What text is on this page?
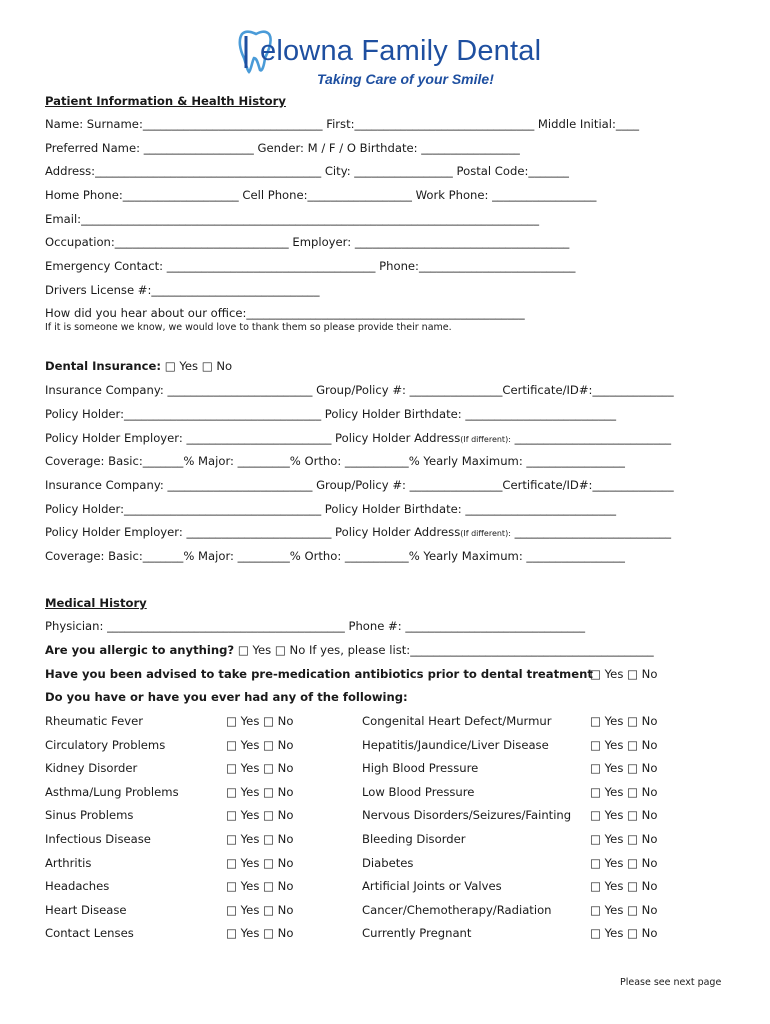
elowna Family Dental
Taking Care of your Smile!
Patient Information & Health History
Name: Surname:_______________________________ First:_______________________________ Middle Initial:____
Preferred Name: ___________________ Gender: M / F / O Birthdate: _________________
Address:_______________________________________ City: _________________ Postal Code:_______
Home Phone:____________________ Cell Phone:__________________ Work Phone: __________________
Email:_______________________________________________________________________________
Occupation:______________________________ Employer: _____________________________________
Emergency Contact: ____________________________________ Phone:___________________________
Drivers License #:_____________________________
How did you hear about our office:________________________________________________
If it is someone we know, we would love to thank them so please provide their name.
Dental Insurance: □ Yes □ No
Insurance Company: _________________________ Group/Policy #: ________________Certificate/ID#:______________
Policy Holder:__________________________________ Policy Holder Birthdate: __________________________
Policy Holder Employer: _________________________ Policy Holder Address(If different): ___________________________
Coverage: Basic:_______% Major: _________% Ortho: ___________% Yearly Maximum: _________________
Insurance Company: _________________________ Group/Policy #: ________________Certificate/ID#:______________
Policy Holder:__________________________________ Policy Holder Birthdate: __________________________
Policy Holder Employer: _________________________ Policy Holder Address(If different): ___________________________
Coverage: Basic:_______% Major: _________% Ortho: ___________% Yearly Maximum: _________________
Medical History
Physician: _________________________________________ Phone #: _______________________________
Are you allergic to anything? □ Yes □ No If yes, please list:__________________________________________
Have you been advised to take pre-medication antibiotics prior to dental treatment
□ Yes □ No
Do you have or have you ever had any of the following:
Rheumatic Fever	□ Yes □ No	Congenital Heart Defect/Murmur	□ Yes □ No
Circulatory Problems	□ Yes □ No	Hepatitis/Jaundice/Liver Disease	□ Yes □ No
Kidney Disorder	□ Yes □ No	High Blood Pressure	□ Yes □ No
Asthma/Lung Problems	□ Yes □ No	Low Blood Pressure	□ Yes □ No
Sinus Problems	□ Yes □ No	Nervous Disorders/Seizures/Fainting □ Yes □ No
Infectious Disease	□ Yes □ No	Bleeding Disorder	□ Yes □ No
Arthritis	□ Yes □ No	Diabetes	□ Yes □ No
Headaches	□ Yes □ No	Artificial Joints or Valves	□ Yes □ No
Heart Disease	□ Yes □ No	Cancer/Chemotherapy/Radiation	□ Yes □ No
Contact Lenses	□ Yes □ No	Currently Pregnant	□ Yes □ No
Please see next page
